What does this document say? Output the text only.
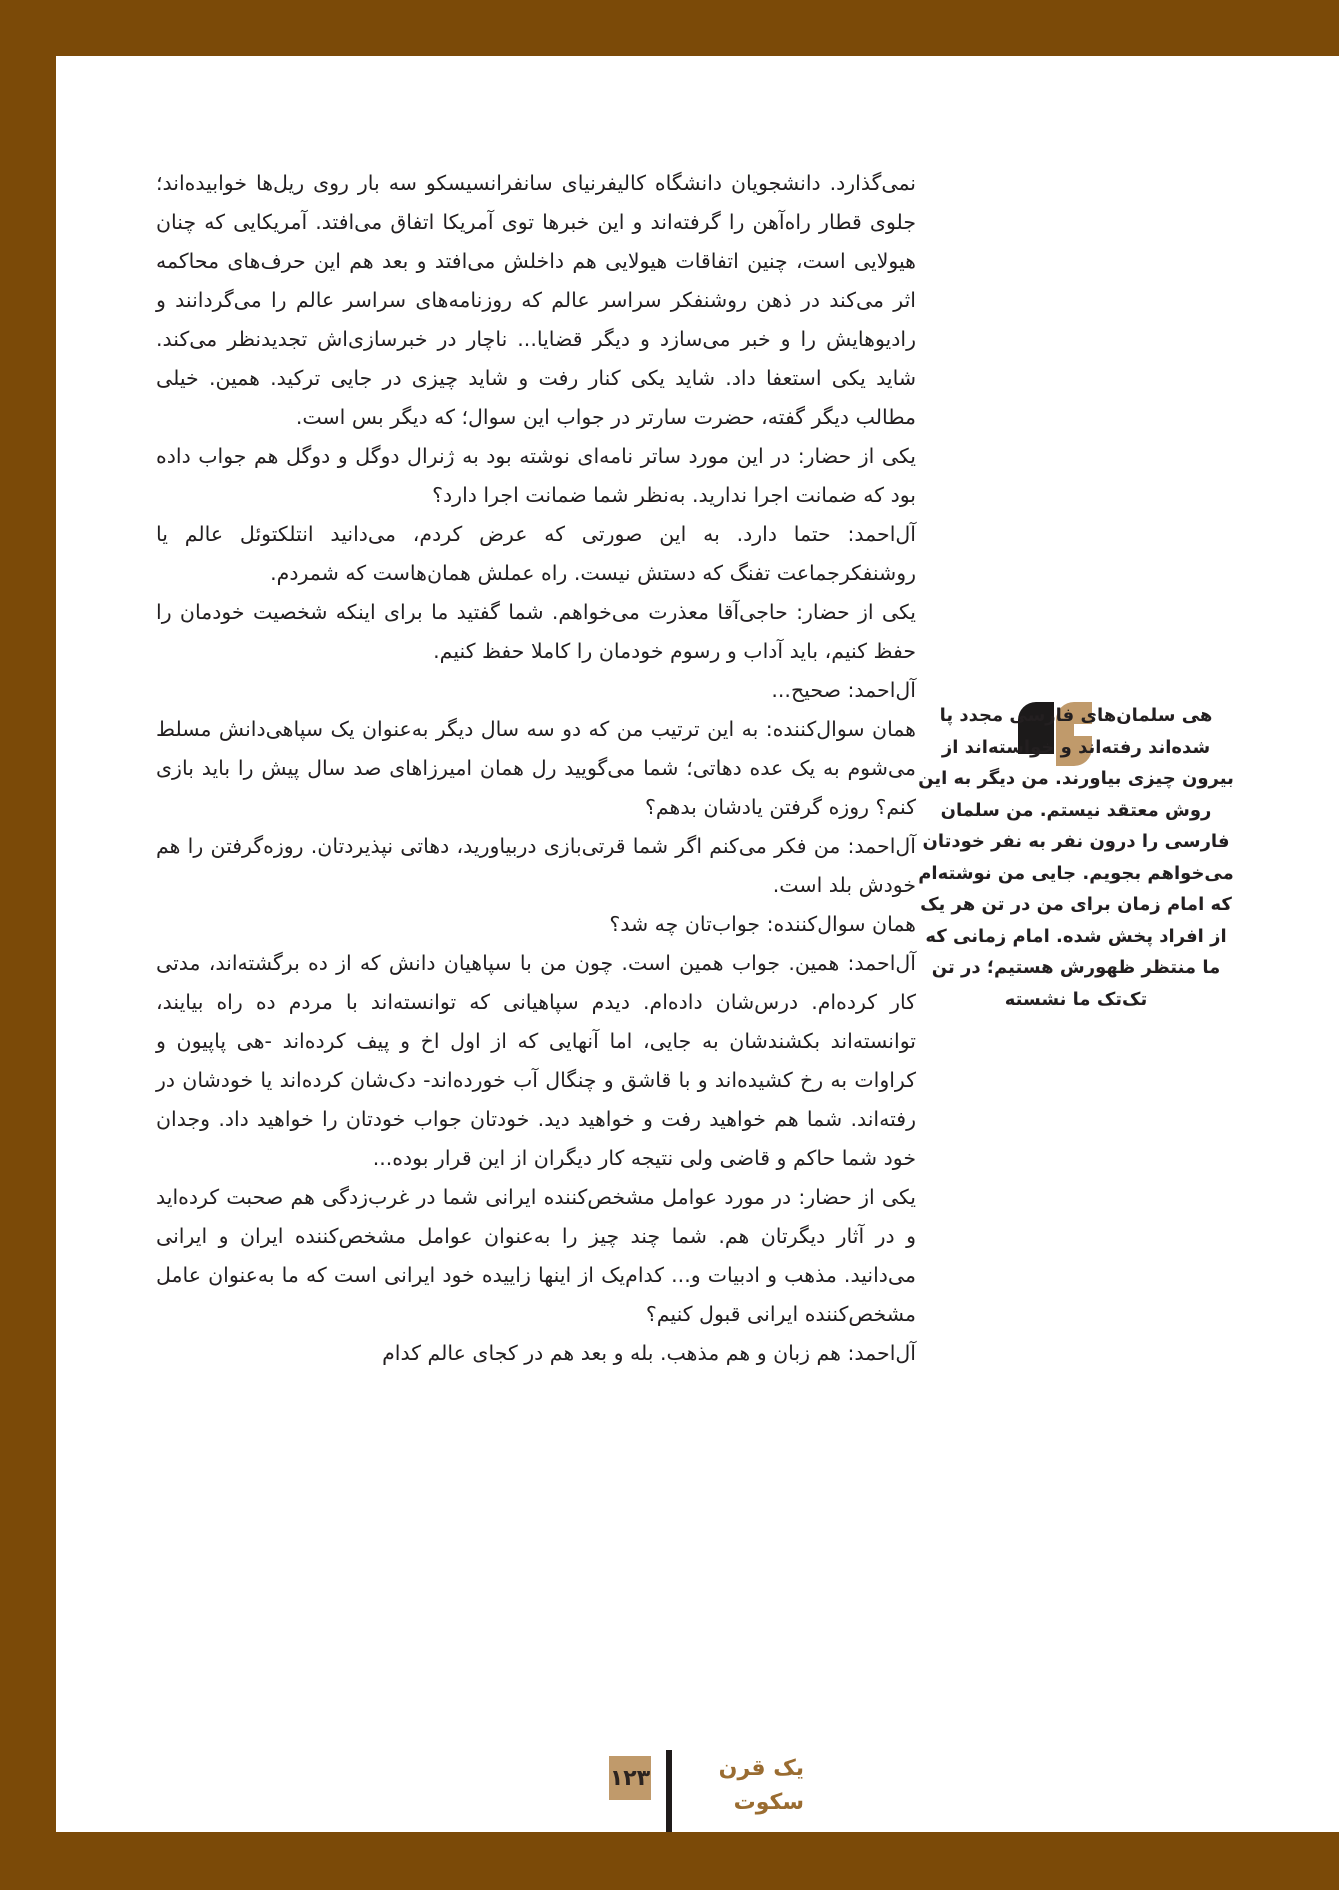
نمی‌گذارد. دانشجویان دانشگاه کالیفرنیای سانفرانسیسکو سه بار روی ریل‌ها خوابیده‌اند؛ جلوی قطار راه‌آهن را گرفته‌اند و این خبرها توی آمریکا اتفاق می‌افتد. آمریکایی که چنان هیولایی است، چنین اتفاقات هیولایی هم داخلش می‌افتد و بعد هم این حرف‌های محاکمه اثر می‌کند در ذهن روشنفکر سراسر عالم که روزنامه‌های سراسر عالم را می‌گردانند و رادیوهایش را و خبر می‌سازد و دیگر قضایا... ناچار در خبرسازی‌اش تجدیدنظر می‌کند. شاید یکی استعفا داد. شاید یکی کنار رفت و شاید چیزی در جایی ترکید. همین. خیلی مطالب دیگر گفته، حضرت سارتر در جواب این سوال؛ که دیگر بس است.

یکی از حضار: در این مورد ساتر نامه‌ای نوشته بود به ژنرال دوگل و دوگل هم جواب داده بود که ضمانت اجرا ندارید. به‌نظر شما ضمانت اجرا دارد؟

آل‌احمد: حتما دارد. به این صورتی که عرض کردم، می‌دانید انتلکتوئل عالم یا روشنفکرجماعت تفنگ که دستش نیست. راه عملش همان‌هاست که شمردم.

یکی از حضار: حاجی‌آقا معذرت می‌خواهم. شما گفتید ما برای اینکه شخصیت خودمان را حفظ کنیم، باید آداب و رسوم خودمان را کاملا حفظ کنیم.

آل‌احمد: صحیح...

همان سوال‌کننده: به این ترتیب من که دو سه سال دیگر به‌عنوان یک سپاهی‌دانش مسلط می‌شوم به یک عده دهاتی؛ شما می‌گویید رل همان امیرزاهای صد سال پیش را باید بازی کنم؟ روزه گرفتن یادشان بدهم؟

آل‌احمد: من فکر می‌کنم اگر شما قرتی‌بازی دربیاورید، دهاتی نپذیردتان. روزه‌گرفتن را هم خودش بلد است.

همان سوال‌کننده: جواب‌تان چه شد؟

آل‌احمد: همین. جواب همین است. چون من با سپاهیان دانش که از ده برگشته‌اند، مدتی کار کرده‌ام. درس‌شان داده‌ام. دیدم سپاهیانی که توانسته‌اند با مردم ده راه بیایند، توانسته‌اند بکشندشان به جایی، اما آنهایی که از اول اخ و پیف کرده‌اند -هی پاپیون و کراوات به رخ کشیده‌اند و با قاشق و چنگال آب خورده‌اند- دک‌شان کرده‌اند یا خودشان در رفته‌اند. شما هم خواهید رفت و خواهید دید. خودتان جواب خودتان را خواهید داد. وجدان خود شما حاکم و قاضی ولی نتیجه کار دیگران از این قرار بوده...

یکی از حضار: در مورد عوامل مشخص‌کننده ایرانی شما در غرب‌زدگی هم صحبت کرده‌اید و در آثار دیگرتان هم. شما چند چیز را به‌عنوان عوامل مشخص‌کننده ایران و ایرانی می‌دانید. مذهب و ادبیات و... کدام‌یک از اینها زاییده خود ایرانی است که ما به‌عنوان عامل مشخص‌کننده ایرانی قبول کنیم؟

آل‌احمد: هم زبان و هم مذهب. بله و بعد هم در کجای عالم کدام

هی سلمان‌های فارسی مجدد پا شده‌اند رفته‌اند و خواسته‌اند از بیرون چیزی بیاورند. من دیگر به این روش معتقد نیستم. من سلمان فارسی را درون نفر به نفر خودتان می‌خواهم بجویم. جایی من نوشته‌ام که امام زمان برای من در تن هر یک از افراد پخش شده. امام زمانی که ما منتظر ظهورش هستیم؛ در تن تک‌تک ما نشسته
۱۲۳	یک قرن
سکوت
